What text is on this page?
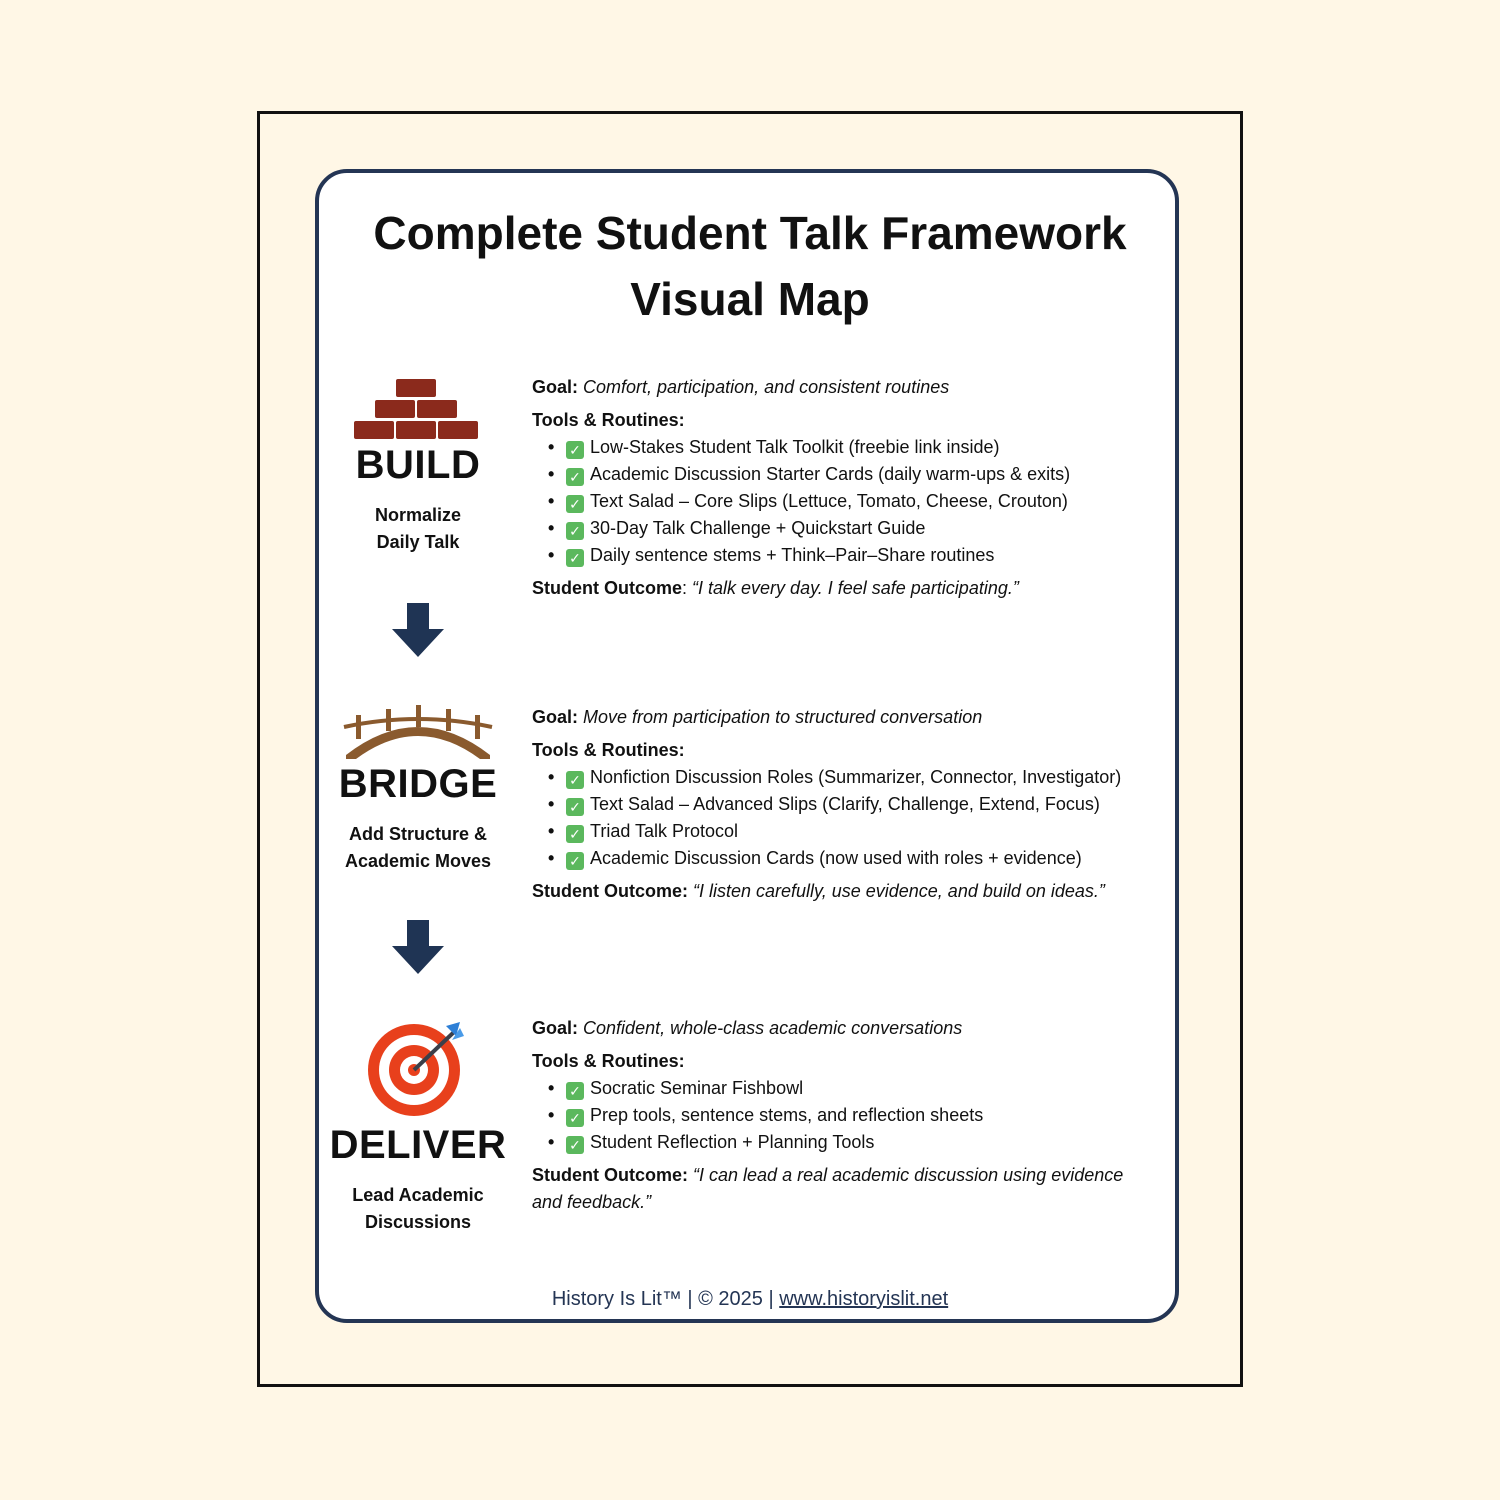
Complete Student Talk Framework
Visual Map
BUILD
Normalize
Daily Talk
Goal: Comfort, participation, and consistent routines
Tools & Routines:
• ✓ Low-Stakes Student Talk Toolkit (freebie link inside)
• ✓ Academic Discussion Starter Cards (daily warm-ups & exits)
• ✓ Text Salad – Core Slips (Lettuce, Tomato, Cheese, Crouton)
• ✓ 30-Day Talk Challenge + Quickstart Guide
• ✓ Daily sentence stems + Think–Pair–Share routines
Student Outcome: “I talk every day. I feel safe participating.”
BRIDGE
Add Structure &
Academic Moves
Goal: Move from participation to structured conversation
Tools & Routines:
• ✓ Nonfiction Discussion Roles (Summarizer, Connector, Investigator)
• ✓ Text Salad – Advanced Slips (Clarify, Challenge, Extend, Focus)
• ✓ Triad Talk Protocol
• ✓ Academic Discussion Cards (now used with roles + evidence)
Student Outcome: “I listen carefully, use evidence, and build on ideas.”
DELIVER
Lead Academic
Discussions
Goal: Confident, whole-class academic conversations
Tools & Routines:
• ✓ Socratic Seminar Fishbowl
• ✓ Prep tools, sentence stems, and reflection sheets
• ✓ Student Reflection + Planning Tools
Student Outcome: “I can lead a real academic discussion using evidence and feedback.”
History Is Lit™ | © 2025 | www.historyislit.net
